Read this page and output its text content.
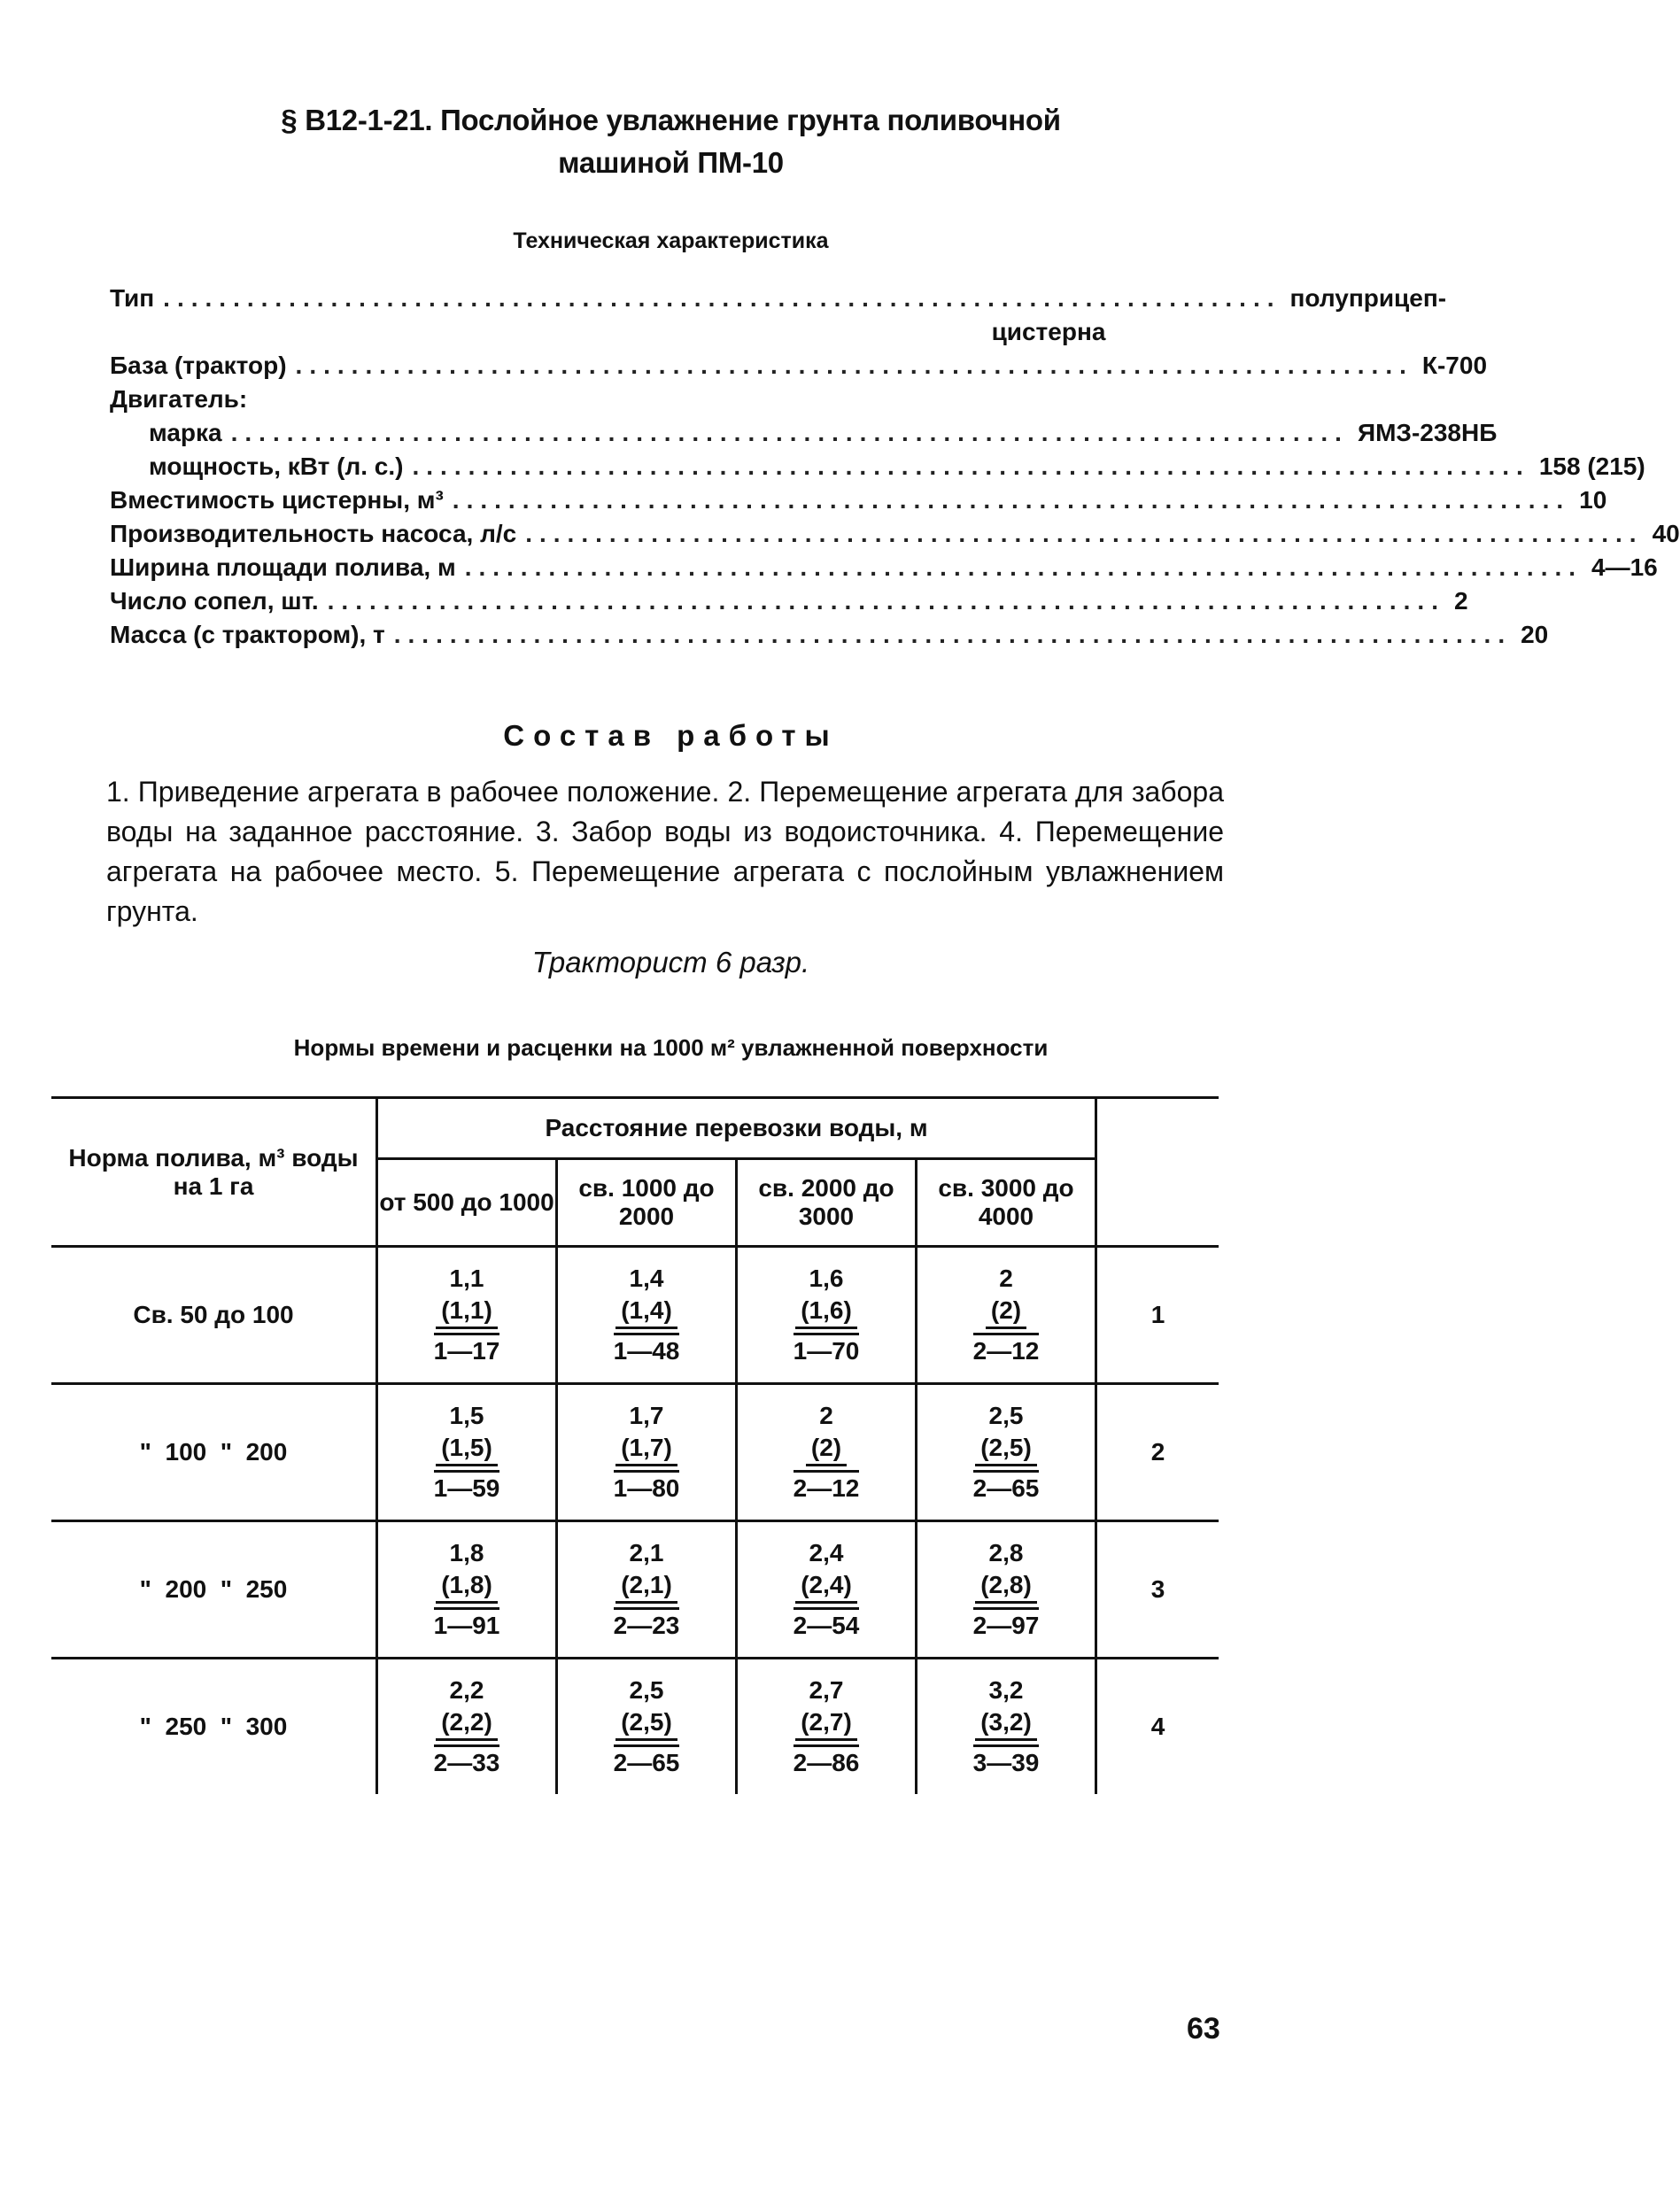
§ В12-1-21. Послойное увлажнение грунта поливочной
машиной ПМ-10
Техническая характеристика
Тип ................................................................................ полуприцеп-
цистерна
База (трактор) ................................................................................ К-700
Двигатель:
марка ................................................................................ ЯМЗ-238НБ
мощность, кВт (л. с.) ................................................................................ 158 (215)
Вместимость цистерны, м³ ................................................................................ 10
Производительность насоса, л/с ................................................................................ 40
Ширина площади полива, м ................................................................................ 4—16
Число сопел, шт. ................................................................................ 2
Масса (с трактором), т ................................................................................ 20
Состав работы
1. Приведение агрегата в рабочее положение. 2. Перемещение агрегата для забора воды на заданное расстояние. 3. Забор воды из водоисточника. 4. Перемещение агрегата на рабочее место. 5. Перемещение агрегата с послойным увлажнением грунта.
Тракторист 6 разр.
Нормы времени и расценки на 1000 м² увлажненной поверхности
Норма полива, м³ воды на 1 га	Расстояние перевозки воды, м				
	от 500 до 1000	св. 1000 до 2000	св. 2000 до 3000	св. 3000 до 4000	
Св. 50 до 100	1,1
(1,1)
1—17	1,4
(1,4)
1—48	1,6
(1,6)
1—70	2
(2)
2—12	1
"  100  "  200	1,5
(1,5)
1—59	1,7
(1,7)
1—80	2
(2)
2—12	2,5
(2,5)
2—65	2
"  200  "  250	1,8
(1,8)
1—91	2,1
(2,1)
2—23	2,4
(2,4)
2—54	2,8
(2,8)
2—97	3
"  250  "  300	2,2
(2,2)
2—33	2,5
(2,5)
2—65	2,7
(2,7)
2—86	3,2
(3,2)
3—39	4
63
